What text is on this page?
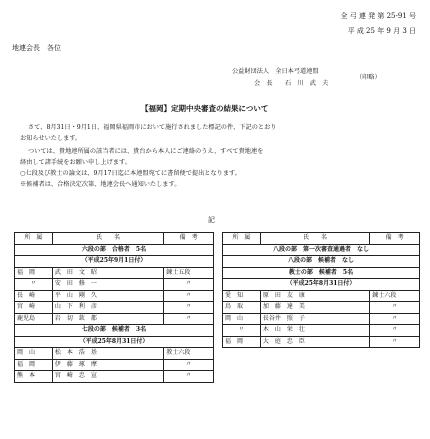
全 弓 連 発 第 25-91 号
平 成 25 年 9 月 3 日
地連会長　各位
公益財団法人　全日本弓道連盟
会　長 石　川　武　夫
（印略）
【福岡】定期中央審査の結果について
さて、8月31日・9月1日、福岡県福岡市において施行されました標記の件、下記のとおり
お知らせいたします。
ついては、貴地連所属の該当者には、貴台から本人にご連絡のうえ、すべて貴地連を
経由して諸手続をお願い申し上げます。
○七段及び教士の論文は、9月17日迄に本連盟宛てに書留便で提出となります。
※候補者は、合格決定次第、地連会長へ通知いたします。
記
所　属	氏　　名	備　考
六段の部　合格者　5名		
（平成25年9月1日付）		
福　岡	武　田　文　昭	錬士五段
〃	安　田　修　一	〃
長　崎	平　山　剛　久	〃
宮　崎	山　下　利　彦	〃
鹿児島	岩　切　欽　都	〃
七段の部　候補者　3名		
（平成25年8月31日付）		
岡　山	松　本　浩　基	教士六段
福　岡	伊　藤　琢　摩	〃
熊　本	宮　崎　忠　宣	〃
所　属	氏　　名	備　考
八段の部　第一次審査通過者　なし		
八段の部　候補者　なし		
教士の部　候補者　5名		
（平成25年8月31日付）		
愛　知	原　田　友　康	錬士六段
鳥　取	加　藤　達　美	〃
岡　山	長谷井　照　子	〃
〃	木　山　栄　壮	〃
福　岡	大　庭　忠　臣	〃
